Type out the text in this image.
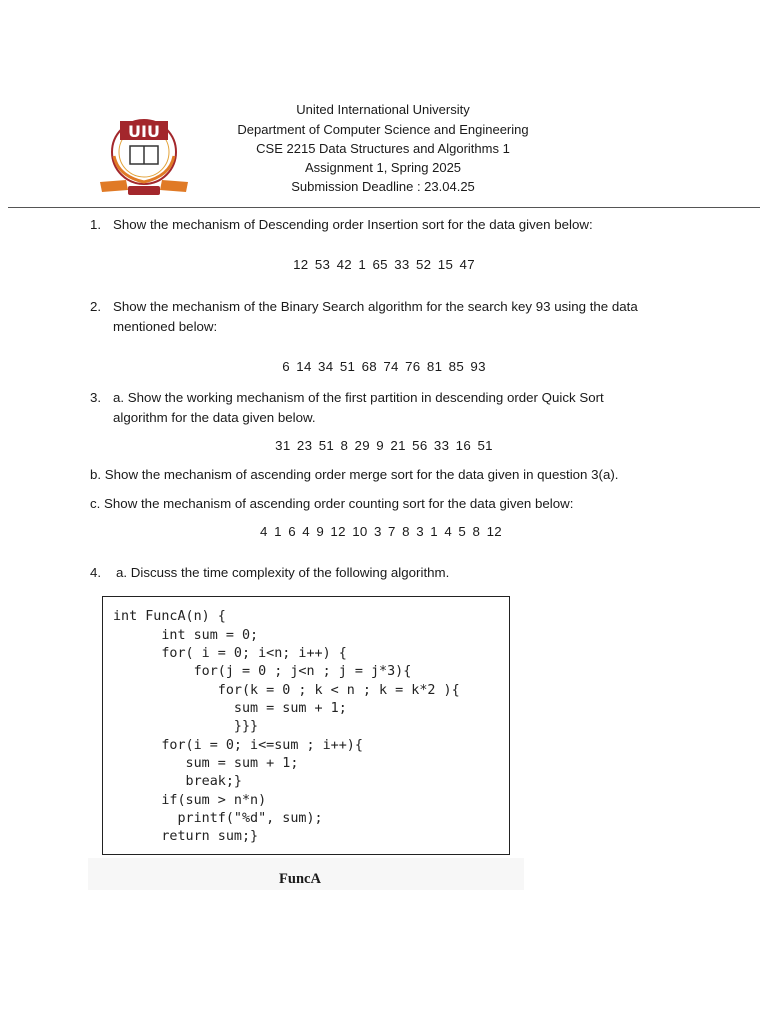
UIU
United International University
Department of Computer Science and Engineering
CSE 2215 Data Structures and Algorithms 1
Assignment 1, Spring 2025
Submission Deadline : 23.04.25
1. Show the mechanism of Descending order Insertion sort for the data given below:
12 53 42 1 65 33 52 15 47
2. Show the mechanism of the Binary Search algorithm for the search key 93 using the data
mentioned below:
6 14 34 51 68 74 76 81 85 93
3. a. Show the working mechanism of the first partition in descending order Quick Sort
algorithm for the data given below.
31 23 51 8 29 9 21 56 33 16 51
b. Show the mechanism of ascending order merge sort for the data given in question 3(a).
c. Show the mechanism of ascending order counting sort for the data given below:
4 1 6 4 9 12 10 3 7 8 3 1 4 5 8 12
4.	a. Discuss the time complexity of the following algorithm.
int FuncA(n) {
int sum = 0;
for( i = 0; i<n; i++) {
for(j = 0 ; j<n ; j = j*3){
for(k = 0 ; k < n ; k = k*2 ){
sum = sum + 1;
}}}
for(i = 0; i<=sum ; i++){
sum = sum + 1;
break;}
if(sum > n*n)
printf("%d", sum);
return sum;}
FuncA
